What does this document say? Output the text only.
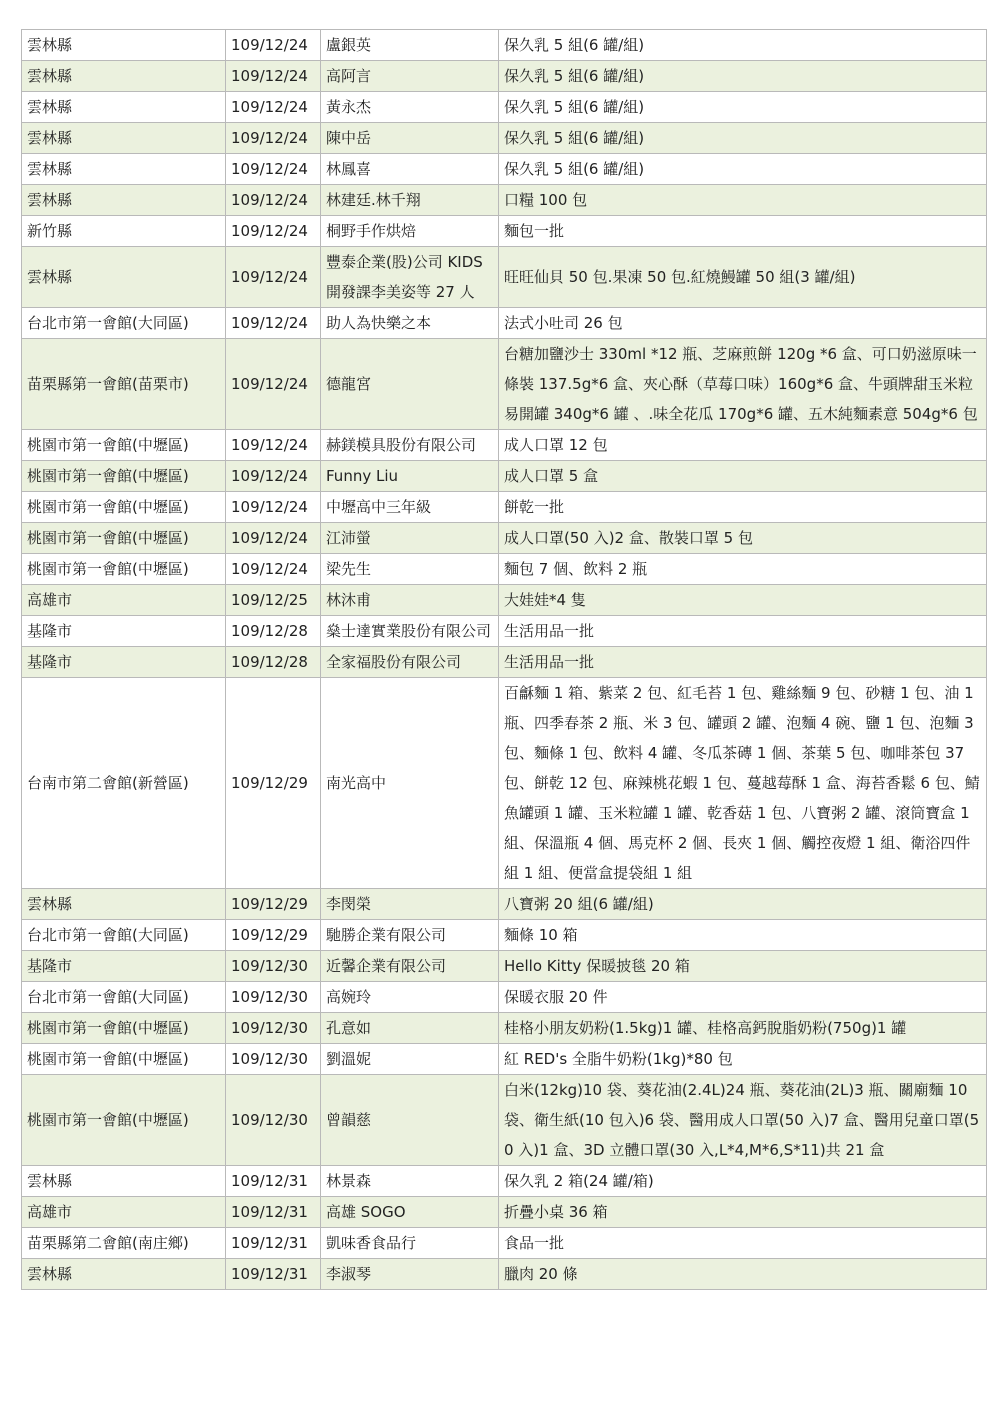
雲林縣	109/12/24	盧銀英	保久乳 5 組(6 罐/組)
雲林縣	109/12/24	高阿言	保久乳 5 組(6 罐/組)
雲林縣	109/12/24	黃永杰	保久乳 5 組(6 罐/組)
雲林縣	109/12/24	陳中岳	保久乳 5 組(6 罐/組)
雲林縣	109/12/24	林鳳喜	保久乳 5 組(6 罐/組)
雲林縣	109/12/24	林建廷.林千翔	口糧 100 包
新竹縣	109/12/24	桐野手作烘焙	麵包一批
雲林縣	109/12/24	豐泰企業(股)公司 KIDS 開發課李美姿等 27 人	旺旺仙貝 50 包.果凍 50 包.紅燒鰻罐 50 組(3 罐/組)
台北市第一會館(大同區)	109/12/24	助人為快樂之本	法式小吐司 26 包
苗栗縣第一會館(苗栗市)	109/12/24	德龍宮	台糖加鹽沙士 330ml *12 瓶、芝麻煎餅 120g *6 盒、可口奶滋原味一條裝 137.5g*6 盒、夾心酥（草莓口味）160g*6 盒、牛頭牌甜玉米粒易開罐 340g*6 罐 、.味全花瓜 170g*6 罐、五木純麵素意 504g*6 包
桃園市第一會館(中壢區)	109/12/24	赫鎂模具股份有限公司	成人口罩 12 包
桃園市第一會館(中壢區)	109/12/24	Funny Liu	成人口罩 5 盒
桃園市第一會館(中壢區)	109/12/24	中壢高中三年級	餅乾一批
桃園市第一會館(中壢區)	109/12/24	江沛螢	成人口罩(50 入)2 盒、散裝口罩 5 包
桃園市第一會館(中壢區)	109/12/24	梁先生	麵包 7 個、飲料 2 瓶
高雄市	109/12/25	林沐甫	大娃娃*4 隻
基隆市	109/12/28	燊士達實業股份有限公司	生活用品一批
基隆市	109/12/28	全家福股份有限公司	生活用品一批
台南市第二會館(新營區)	109/12/29	南光高中	百龢麵 1 箱、紫菜 2 包、紅毛苔 1 包、雞絲麵 9 包、砂糖 1 包、油 1 瓶、四季春茶 2 瓶、米 3 包、罐頭 2 罐、泡麵 4 碗、鹽 1 包、泡麵 3 包、麵條 1 包、飲料 4 罐、冬瓜茶磚 1 個、茶葉 5 包、咖啡茶包 37 包、餅乾 12 包、麻辣桃花蝦 1 包、蔓越莓酥 1 盒、海苔香鬆 6 包、鯖魚罐頭 1 罐、玉米粒罐 1 罐、乾香菇 1 包、八寶粥 2 罐、滾筒寶盒 1 組、保溫瓶 4 個、馬克杯 2 個、長夾 1 個、觸控夜燈 1 組、衛浴四件組 1 組、便當盒提袋組 1 組
雲林縣	109/12/29	李閔榮	八寶粥 20 組(6 罐/組)
台北市第一會館(大同區)	109/12/29	馳勝企業有限公司	麵條 10 箱
基隆市	109/12/30	近馨企業有限公司	Hello Kitty 保暖披毯 20 箱
台北市第一會館(大同區)	109/12/30	高婉玲	保暖衣服 20 件
桃園市第一會館(中壢區)	109/12/30	孔意如	桂格小朋友奶粉(1.5kg)1 罐、桂格高鈣脫脂奶粉(750g)1 罐
桃園市第一會館(中壢區)	109/12/30	劉溫妮	紅 RED's 全脂牛奶粉(1kg)*80 包
桃園市第一會館(中壢區)	109/12/30	曾韻慈	白米(12kg)10 袋、葵花油(2.4L)24 瓶、葵花油(2L)3 瓶、關廟麵 10 袋、衛生紙(10 包入)6 袋、醫用成人口罩(50 入)7 盒、醫用兒童口罩(50 入)1 盒、3D 立體口罩(30 入,L*4,M*6,S*11)共 21 盒
雲林縣	109/12/31	林景森	保久乳 2 箱(24 罐/箱)
高雄市	109/12/31	高雄 SOGO	折疊小桌 36 箱
苗栗縣第二會館(南庄鄉)	109/12/31	凱味香食品行	食品一批
雲林縣	109/12/31	李淑琴	臘肉 20 條
